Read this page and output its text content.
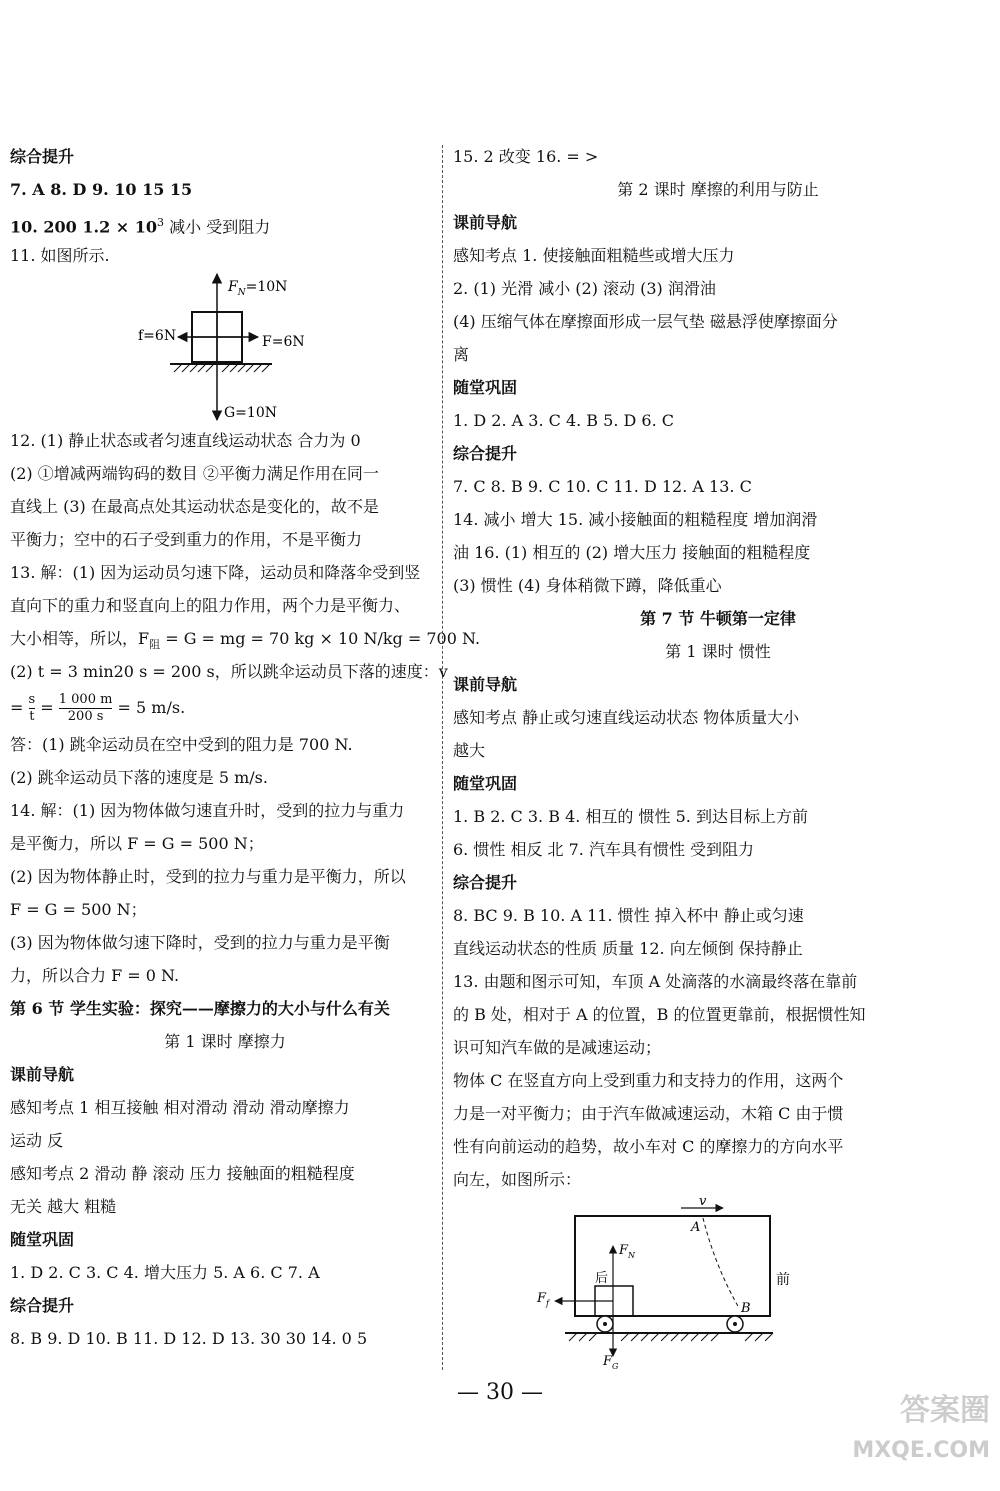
综合提升
7. A 8. D 9. 10 15 15
10. 200 $1.2 \times 10^3$ 减小 受到阻力
11. 如图所示.
$F_N=10N$
f=6N	F=6N
G=10N
12. (1) 静止状态或者匀速直线运动状态 合力为 0
(2) ①增减两端钩码的数目 ②平衡力满足作用在同一
直线上 (3) 在最高点处其运动状态是变化的，故不是
平衡力；空中的石子受到重力的作用，不是平衡力
13. 解：(1) 因为运动员匀速下降，运动员和降落伞受到竖
直向下的重力和竖直向上的阻力作用，两个力是平衡力、
大小相等，所以，$F_阻 = G$ = mg = 70 kg × 10 N/kg = 700 N.
(2) t = 3 min20 s = 200 s，所以跳伞运动员下落的速度：v
= $\frac{s}{t} = \frac{1 000 m}{200 s} = 5$ m/s.
答：(1) 跳伞运动员在空中受到的阻力是 700 N.
(2) 跳伞运动员下落的速度是 5 m/s.
14. 解：(1) 因为物体做匀速直升时，受到的拉力与重力
是平衡力，所以 F = G = 500 N；
(2) 因为物体静止时，受到的拉力与重力是平衡力，所以
F = G = 500 N；
(3) 因为物体做匀速下降时，受到的拉力与重力是平衡
力，所以合力 F = 0 N.
第 6 节 学生实验：探究——摩擦力的大小与什么有关
第 1 课时 摩擦力
课前导航
感知考点 1 相互接触 相对滑动 滑动 滑动摩擦力
运动 反
感知考点 2 滑动 静 滚动 压力 接触面的粗糙程度
无关 越大 粗糙
随堂巩固
1. D 2. C 3. C 4. 增大压力 5. A 6. C 7. A
综合提升
8. B 9. D 10. B 11. D 12. D 13. 30 30 14. 0 5
15. 2 改变 16. = >
第 2 课时 摩擦的利用与防止
课前导航
感知考点 1. 使接触面粗糙些或增大压力
2. (1) 光滑 减小 (2) 滚动 (3) 润滑油
(4) 压缩气体在摩擦面形成一层气垫 磁悬浮使摩擦面分
离
随堂巩固
1. D 2. A 3. C 4. B 5. D 6. C
综合提升
7. C 8. B 9. C 10. C 11. D 12. A 13. C
14. 减小 增大 15. 减小接触面的粗糙程度 增加润滑
油 16. (1) 相互的 (2) 增大压力 接触面的粗糙程度
(3) 惯性 (4) 身体稍微下蹲，降低重心
第 7 节 牛顿第一定律
第 1 课时 惯性
课前导航
感知考点 静止或匀速直线运动状态 物体质量大小
越大
随堂巩固
1. B 2. C 3. B 4. 相互的 惯性 5. 到达目标上方前
6. 惯性 相反 北 7. 汽车具有惯性 受到阻力
综合提升
8. BC 9. B 10. A 11. 惯性 掉入杯中 静止或匀速
直线运动状态的性质 质量 12. 向左倾倒 保持静止
13. 由题和图示可知，车顶 A 处滴落的水滴最终落在靠前
的 B 处，相对于 A 的位置，B 的位置更靠前，根据惯性知
识可知汽车做的是减速运动；
物体 C 在竖直方向上受到重力和支持力的作用，这两个
力是一对平衡力；由于汽车做减速运动，木箱 C 由于惯
性有向前运动的趋势，故小车对 C 的摩擦力的方向水平
向左，如图所示：
v
A
B
$F_N$
后	前
$F_f$
$F_G$
— 30 —
答案圈
MXQE.COM
